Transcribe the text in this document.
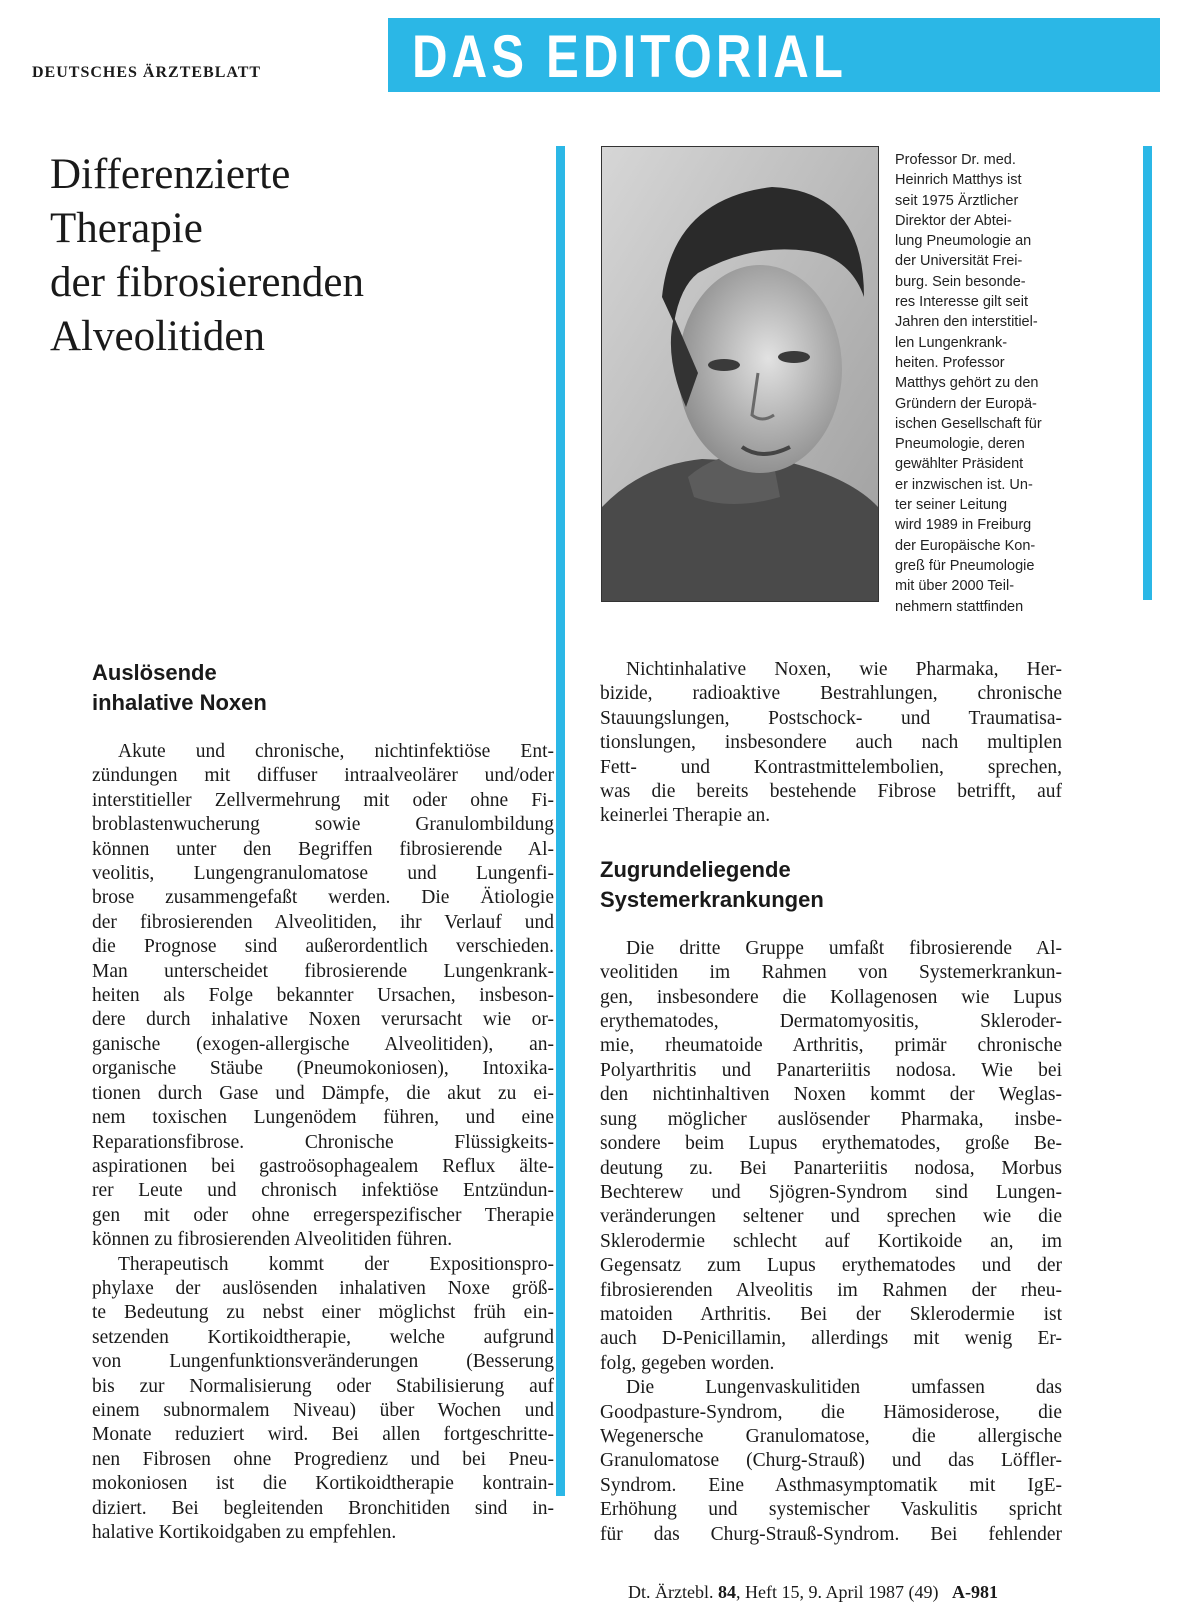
DEUTSCHES ÄRZTEBLATT	DAS EDITORIAL
Differenzierte
Therapie
der fibrosierenden
Alveolitiden
Professor Dr. med.
Heinrich Matthys ist
seit 1975 Ärztlicher
Direktor der Abtei-
lung Pneumologie an
der Universität Frei-
burg. Sein besonde-
res Interesse gilt seit
Jahren den interstitiel-
len Lungenkrank-
heiten. Professor
Matthys gehört zu den
Gründern der Europä-
ischen Gesellschaft für
Pneumologie, deren
gewählter Präsident
er inzwischen ist. Un-
ter seiner Leitung
wird 1989 in Freiburg
der Europäische Kon-
greß für Pneumologie
mit über 2000 Teil-
nehmern stattfinden
Auslösende
inhalative Noxen
Akute und chronische, nichtinfektiöse Ent-
zündungen mit diffuser intraalveolärer und/oder
interstitieller Zellvermehrung mit oder ohne Fi-
broblastenwucherung sowie Granulombildung
können unter den Begriffen fibrosierende Al-
veolitis, Lungengranulomatose und Lungenfi-
brose zusammengefaßt werden. Die Ätiologie
der fibrosierenden Alveolitiden, ihr Verlauf und
die Prognose sind außerordentlich verschieden.
Man unterscheidet fibrosierende Lungenkrank-
heiten als Folge bekannter Ursachen, insbeson-
dere durch inhalative Noxen verursacht wie or-
ganische (exogen-allergische Alveolitiden), an-
organische Stäube (Pneumokoniosen), Intoxika-
tionen durch Gase und Dämpfe, die akut zu ei-
nem toxischen Lungenödem führen, und eine
Reparationsfibrose. Chronische Flüssigkeits-
aspirationen bei gastroösophagealem Reflux älte-
rer Leute und chronisch infektiöse Entzündun-
gen mit oder ohne erregerspezifischer Therapie
können zu fibrosierenden Alveolitiden führen.
Therapeutisch kommt der Expositionspro-
phylaxe der auslösenden inhalativen Noxe größ-
te Bedeutung zu nebst einer möglichst früh ein-
setzenden Kortikoidtherapie, welche aufgrund
von Lungenfunktionsveränderungen (Besserung
bis zur Normalisierung oder Stabilisierung auf
einem subnormalem Niveau) über Wochen und
Monate reduziert wird. Bei allen fortgeschritte-
nen Fibrosen ohne Progredienz und bei Pneu-
mokoniosen ist die Kortikoidtherapie kontrain-
diziert. Bei begleitenden Bronchitiden sind in-
halative Kortikoidgaben zu empfehlen.
Nichtinhalative Noxen, wie Pharmaka, Her-
bizide, radioaktive Bestrahlungen, chronische
Stauungslungen, Postschock- und Traumatisa-
tionslungen, insbesondere auch nach multiplen
Fett- und Kontrastmittelembolien, sprechen,
was die bereits bestehende Fibrose betrifft, auf
keinerlei Therapie an.
Zugrundeliegende
Systemerkrankungen
Die dritte Gruppe umfaßt fibrosierende Al-
veolitiden im Rahmen von Systemerkrankun-
gen, insbesondere die Kollagenosen wie Lupus
erythematodes, Dermatomyositis, Skleroder-
mie, rheumatoide Arthritis, primär chronische
Polyarthritis und Panarteriitis nodosa. Wie bei
den nichtinhaltiven Noxen kommt der Weglas-
sung möglicher auslösender Pharmaka, insbe-
sondere beim Lupus erythematodes, große Be-
deutung zu. Bei Panarteriitis nodosa, Morbus
Bechterew und Sjögren-Syndrom sind Lungen-
veränderungen seltener und sprechen wie die
Sklerodermie schlecht auf Kortikoide an, im
Gegensatz zum Lupus erythematodes und der
fibrosierenden Alveolitis im Rahmen der rheu-
matoiden Arthritis. Bei der Sklerodermie ist
auch D-Penicillamin, allerdings mit wenig Er-
folg, gegeben worden.
Die Lungenvaskulitiden umfassen das
Goodpasture-Syndrom, die Hämosiderose, die
Wegenersche Granulomatose, die allergische
Granulomatose (Churg-Strauß) und das Löffler-
Syndrom. Eine Asthmasymptomatik mit IgE-
Erhöhung und systemischer Vaskulitis spricht
für das Churg-Strauß-Syndrom. Bei fehlender
Dt. Ärztebl. 84, Heft 15, 9. April 1987 (49) A-981
